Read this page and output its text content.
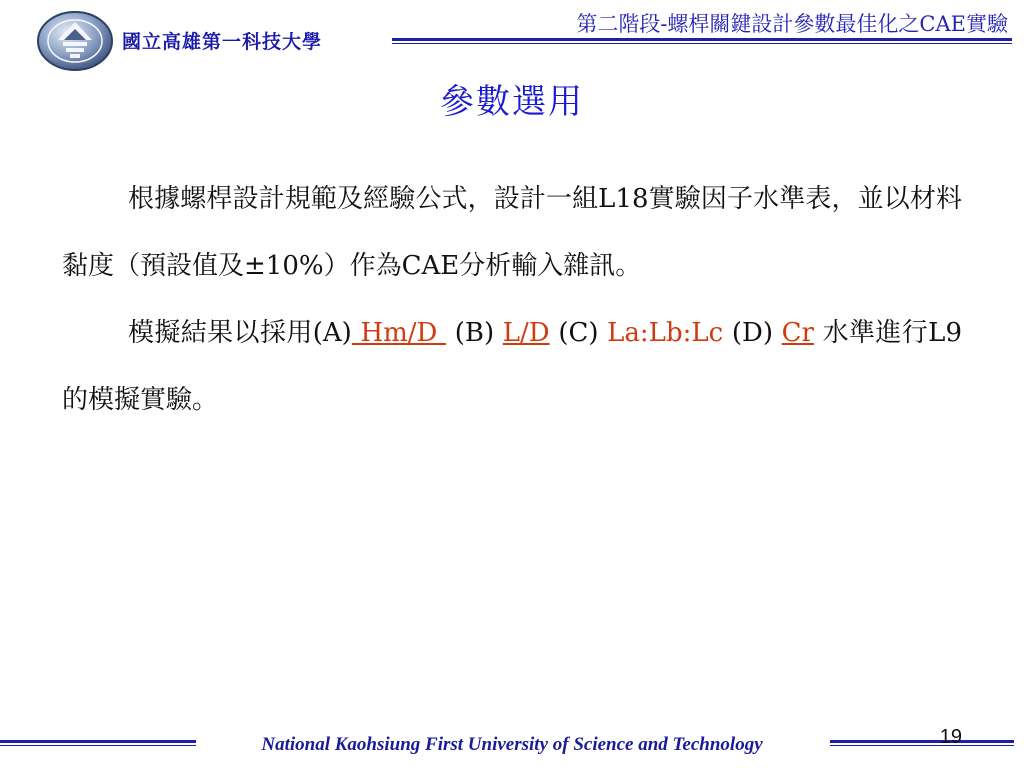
國立高雄第一科技大學
第二階段-螺桿關鍵設計參數最佳化之CAE實驗
參數選用

根據螺桿設計規範及經驗公式，設計一組L18實驗因子水準表，並以材料黏度（預設值及±10%）作為CAE分析輸入雜訊。

模擬結果以採用(A) Hm/D  (B) L/D (C) La:Lb:Lc (D) Cr 水準進行L9的模擬實驗。

National Kaohsiung First University of Science and Technology	19
